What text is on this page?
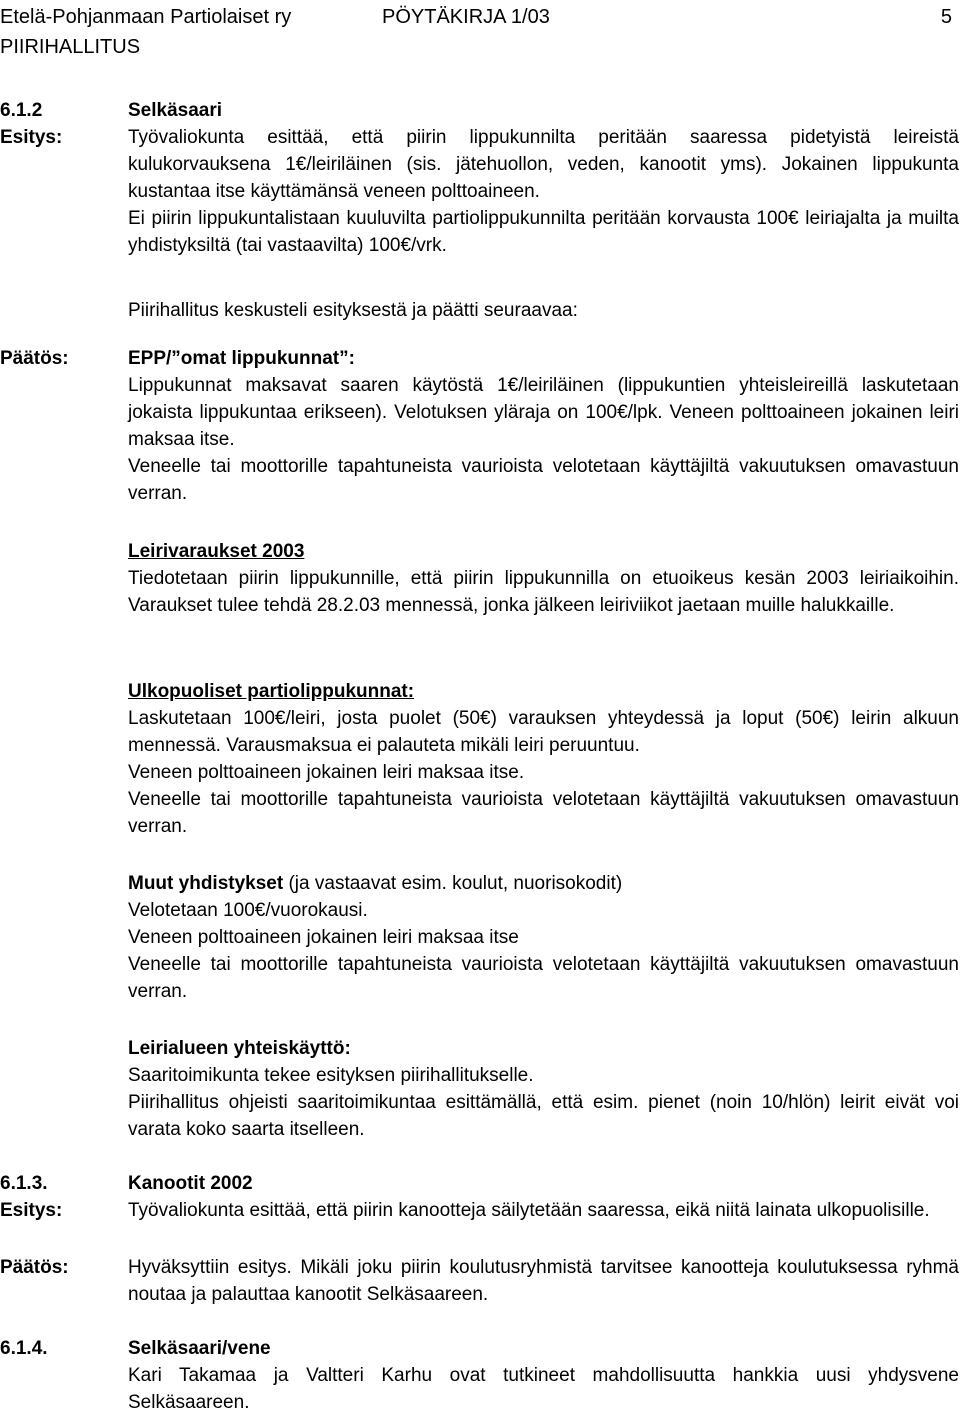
Etelä-Pohjanmaan Partiolaiset ry	PÖYTÄKIRJA 1/03	5
PIIRIHALLITUS
6.1.2	Selkäsaari
Esitys:	Työvaliokunta esittää, että piirin lippukunnilta peritään saaressa pidetyistä leireistä kulukorvauksena 1€/leiriläinen (sis. jätehuollon, veden, kanootit yms). Jokainen lippukunta kustantaa itse käyttämänsä veneen polttoaineen.

Ei piirin lippukuntalistaan kuuluvilta partiolippukunnilta peritään korvausta 100€ leiriajalta ja muilta yhdistyksiltä (tai vastaavilta) 100€/vrk.

Piirihallitus keskusteli esityksestä ja päätti seuraavaa:

Päätös:	EPP/”omat lippukunnat”:

Lippukunnat maksavat saaren käytöstä 1€/leiriläinen (lippukuntien yhteisleireillä laskutetaan jokaista lippukuntaa erikseen). Velotuksen yläraja on 100€/lpk. Veneen polttoaineen jokainen leiri maksaa itse.

Veneelle tai moottorille tapahtuneista vaurioista velotetaan käyttäjiltä vakuutuksen omavastuun verran.

Leirivaraukset 2003

Tiedotetaan piirin lippukunnille, että piirin lippukunnilla on etuoikeus kesän 2003 leiriaikoihin. Varaukset tulee tehdä 28.2.03 mennessä, jonka jälkeen leiriviikot jaetaan muille halukkaille.

Ulkopuoliset partiolippukunnat:

Laskutetaan 100€/leiri, josta puolet (50€) varauksen yhteydessä ja loput (50€) leirin alkuun mennessä. Varausmaksua ei palauteta mikäli leiri peruuntuu.

Veneen polttoaineen jokainen leiri maksaa itse.

Veneelle tai moottorille tapahtuneista vaurioista velotetaan käyttäjiltä vakuutuksen omavastuun verran.

Muut yhdistykset (ja vastaavat esim. koulut, nuorisokodit)

Velotetaan 100€/vuorokausi.

Veneen polttoaineen jokainen leiri maksaa itse

Veneelle tai moottorille tapahtuneista vaurioista velotetaan käyttäjiltä vakuutuksen omavastuun verran.

Leirialueen yhteiskäyttö:

Saaritoimikunta tekee esityksen piirihallitukselle.

Piirihallitus ohjeisti saaritoimikuntaa esittämällä, että esim. pienet (noin 10/hlön) leirit eivät voi varata koko saarta itselleen.

6.1.3.	Kanootit 2002
Esitys:	Työvaliokunta esittää, että piirin kanootteja säilytetään saaressa, eikä niitä lainata ulkopuolisille.

Päätös:	Hyväksyttiin esitys. Mikäli joku piirin koulutusryhmistä tarvitsee kanootteja koulutuksessa ryhmä noutaa ja palauttaa kanootit Selkäsaareen.

6.1.4.	Selkäsaari/vene

Kari Takamaa ja Valtteri Karhu ovat tutkineet mahdollisuutta hankkia uusi yhdysvene Selkäsaareen.
